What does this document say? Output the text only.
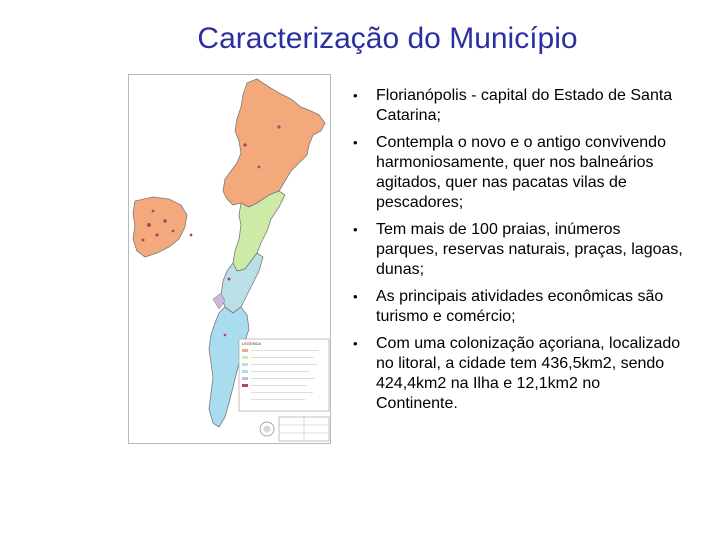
Caracterização do Município
LEGENDA
• Florianópolis - capital do Estado de Santa Catarina;
• Contempla o novo e o antigo convivendo harmoniosamente, quer nos balneários agitados, quer nas pacatas vilas de pescadores;
• Tem mais de 100 praias, inúmeros parques, reservas naturais, praças, lagoas, dunas;
• As principais atividades econômicas são turismo e comércio;
• Com uma colonização açoriana, localizado no litoral, a cidade tem 436,5km2, sendo 424,4km2 na Ilha e 12,1km2 no Continente.
